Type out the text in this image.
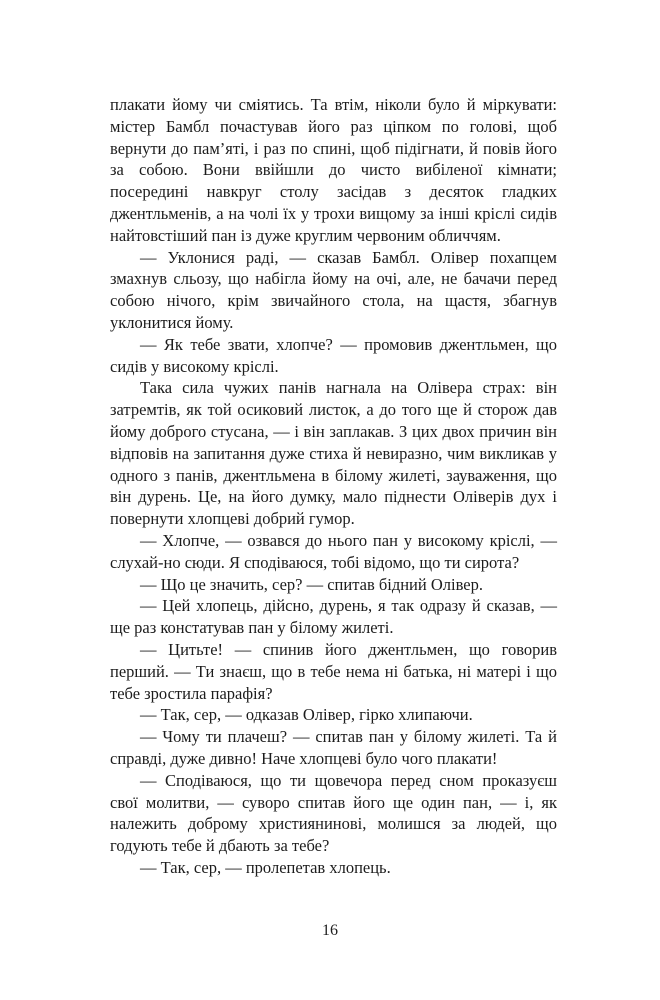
плакати йому чи сміятись. Та втім, ніколи було й міркувати: містер Бамбл почастував його раз ціпком по голові, щоб вернути до пам’яті, і раз по спині, щоб підігнати, й повів його за собою. Вони ввійшли до чисто вибіленої кімнати; посередині навкруг столу засідав з десяток гладких джентльменів, а на чолі їх у трохи вищому за інші кріслі сидів найтовстіший пан із дуже круглим червоним обличчям.

— Уклонися раді, — сказав Бамбл. Олівер похапцем змахнув сльозу, що набігла йому на очі, але, не бачачи перед собою нічого, крім звичайного стола, на щастя, збагнув уклонитися йому.

— Як тебе звати, хлопче? — промовив джентльмен, що сидів у високому кріслі.

Така сила чужих панів нагнала на Олівера страх: він затремтів, як той осиковий листок, а до того ще й сторож дав йому доброго стусана, — і він заплакав. З цих двох причин він відповів на запитання дуже стиха й невиразно, чим викликав у одного з панів, джентльмена в білому жилеті, зауваження, що він дурень. Це, на його думку, мало піднести Оліверів дух і повернути хлопцеві добрий гумор.

— Хлопче, — озвався до нього пан у високому кріслі, — слухай-но сюди. Я сподіваюся, тобі відомо, що ти сирота?

— Що це значить, сер? — спитав бідний Олівер.

— Цей хлопець, дійсно, дурень, я так одразу й сказав, — ще раз констатував пан у білому жилеті.

— Цитьте! — спинив його джентльмен, що говорив перший. — Ти знаєш, що в тебе нема ні батька, ні матері і що тебе зростила парафія?

— Так, сер, — одказав Олівер, гірко хлипаючи.

— Чому ти плачеш? — спитав пан у білому жилеті. Та й справді, дуже дивно! Наче хлопцеві було чого плакати!

— Сподіваюся, що ти щовечора перед сном проказуєш свої молитви, — суворо спитав його ще один пан, — і, як належить доброму християнинові, молишся за людей, що годують тебе й дбають за тебе?

— Так, сер, — пролепетав хлопець.

16
